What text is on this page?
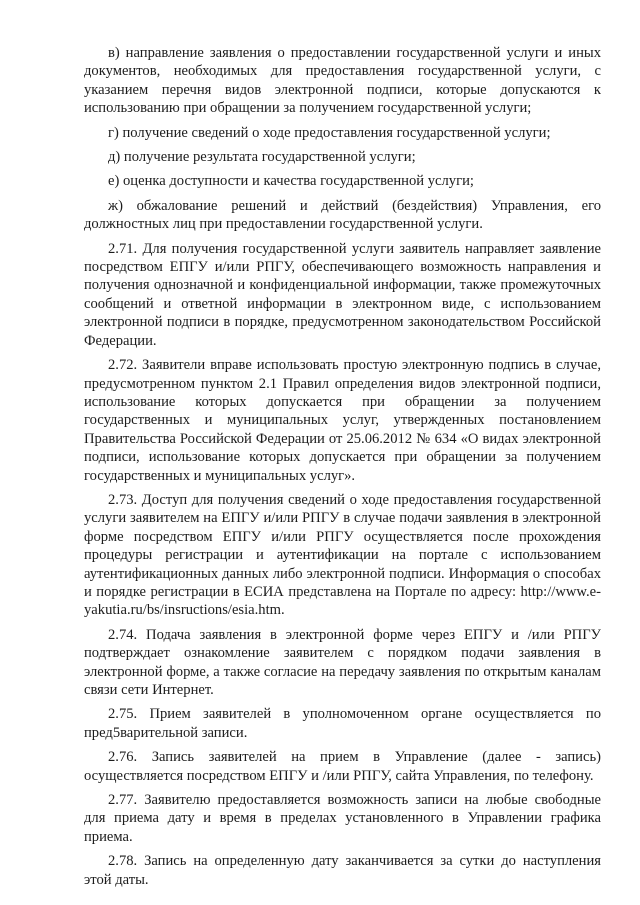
в) направление заявления о предоставлении государственной услуги и иных документов, необходимых для предоставления государственной услуги, с указанием перечня видов электронной подписи, которые допускаются к использованию при обращении за получением государственной услуги;

г) получение сведений о ходе предоставления государственной услуги;

д) получение результата государственной услуги;

е) оценка доступности и качества государственной услуги;

ж) обжалование решений и действий (бездействия) Управления, его должностных лиц при предоставлении государственной услуги.

2.71. Для получения государственной услуги заявитель направляет заявление посредством ЕПГУ и/или РПГУ, обеспечивающего возможность направления и получения однозначной и конфиденциальной информации, также промежуточных сообщений и ответной информации в электронном виде, с использованием электронной подписи в порядке, предусмотренном законодательством Российской Федерации.

2.72. Заявители вправе использовать простую электронную подпись в случае, предусмотренном пунктом 2.1 Правил определения видов электронной подписи, использование которых допускается при обращении за получением государственных и муниципальных услуг, утвержденных постановлением Правительства Российской Федерации от 25.06.2012 № 634 «О видах электронной подписи, использование которых допускается при обращении за получением государственных и муниципальных услуг».

2.73. Доступ для получения сведений о ходе предоставления государственной услуги заявителем на ЕПГУ и/или РПГУ в случае подачи заявления в электронной форме посредством ЕПГУ и/или РПГУ осуществляется после прохождения процедуры регистрации и аутентификации на портале с использованием аутентификационных данных либо электронной подписи. Информация о способах и порядке регистрации в ЕСИА представлена на Портале по адресу: http://www.e-yakutia.ru/bs/insructions/esia.htm.

2.74. Подача заявления в электронной форме через ЕПГУ и /или РПГУ подтверждает ознакомление заявителем с порядком подачи заявления в электронной форме, а также согласие на передачу заявления по открытым каналам связи сети Интернет.

2.75. Прием заявителей в уполномоченном органе осуществляется по пред5варительной записи.

2.76. Запись заявителей на прием в Управление (далее - запись) осуществляется посредством ЕПГУ и /или РПГУ, сайта Управления, по телефону.

2.77. Заявителю предоставляется возможность записи на любые свободные для приема дату и время в пределах установленного в Управлении графика приема.

2.78. Запись на определенную дату заканчивается за сутки до наступления этой даты.
